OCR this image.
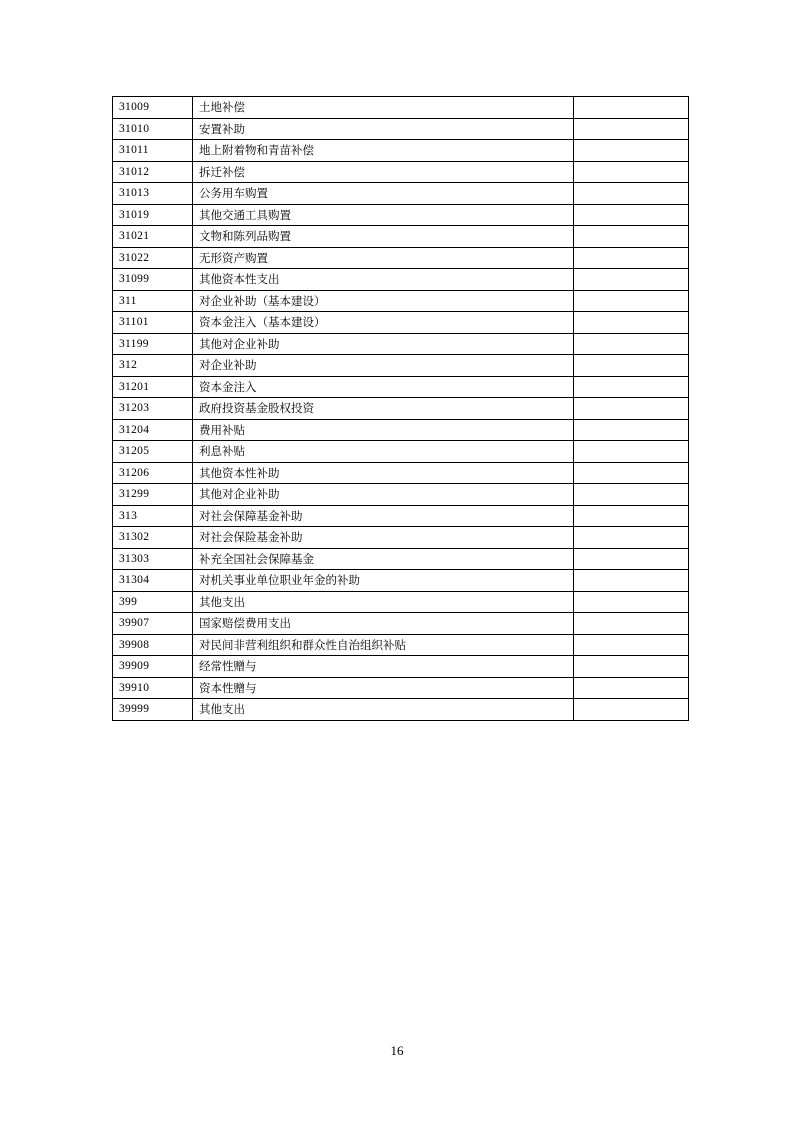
31009	土地补偿	
31010	安置补助	
31011	地上附着物和青苗补偿	
31012	拆迁补偿	
31013	公务用车购置	
31019	其他交通工具购置	
31021	文物和陈列品购置	
31022	无形资产购置	
31099	其他资本性支出	
311	对企业补助（基本建设）	
31101	资本金注入（基本建设）	
31199	其他对企业补助	
312	对企业补助	
31201	资本金注入	
31203	政府投资基金股权投资	
31204	费用补贴	
31205	利息补贴	
31206	其他资本性补助	
31299	其他对企业补助	
313	对社会保障基金补助	
31302	对社会保险基金补助	
31303	补充全国社会保障基金	
31304	对机关事业单位职业年金的补助	
399	其他支出	
39907	国家赔偿费用支出	
39908	对民间非营利组织和群众性自治组织补贴	
39909	经常性赠与	
39910	资本性赠与	
39999	其他支出	
16
